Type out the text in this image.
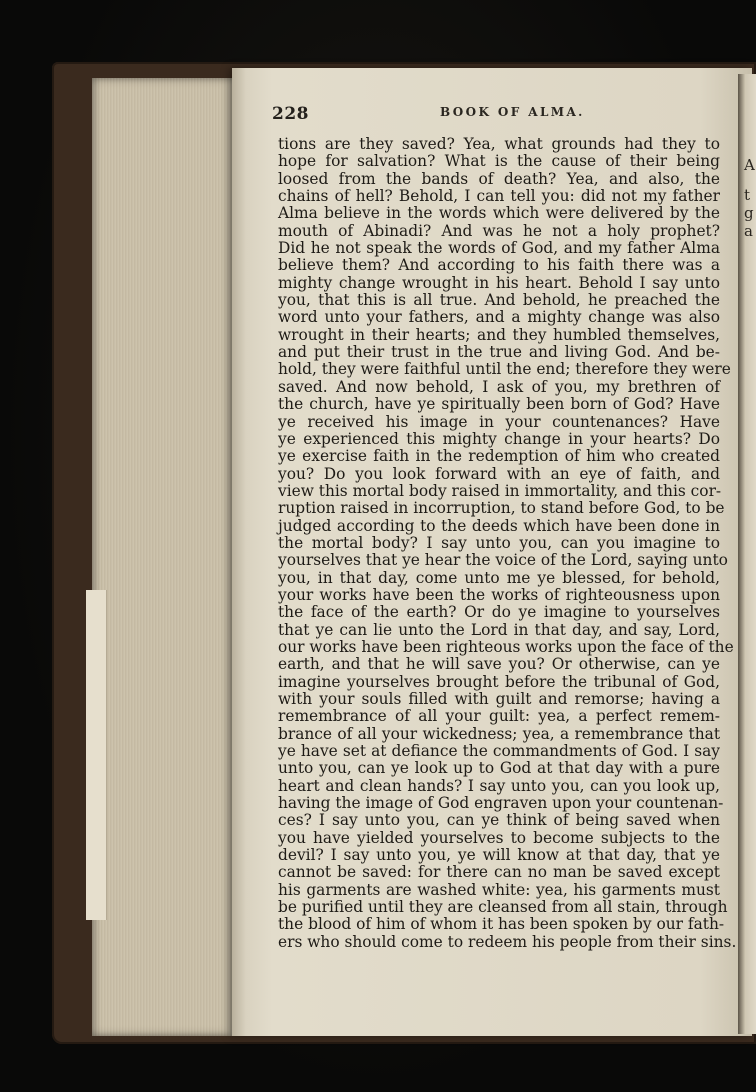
A
t
g
a
228	BOOK OF ALMA.
tions are they saved? Yea, what grounds had they to
hope for salvation? What is the cause of their being
loosed from the bands of death? Yea, and also, the
chains of hell? Behold, I can tell you: did not my father
Alma believe in the words which were delivered by the
mouth of Abinadi? And was he not a holy prophet?
Did he not speak the words of God, and my father Alma
believe them? And according to his faith there was a
mighty change wrought in his heart. Behold I say unto
you, that this is all true. And behold, he preached the
word unto your fathers, and a mighty change was also
wrought in their hearts; and they humbled themselves,
and put their trust in the true and living God. And be-
hold, they were faithful until the end; therefore they were
saved. And now behold, I ask of you, my brethren of
the church, have ye spiritually been born of God? Have
ye received his image in your countenances? Have
ye experienced this mighty change in your hearts? Do
ye exercise faith in the redemption of him who created
you? Do you look forward with an eye of faith, and
view this mortal body raised in immortality, and this cor-
ruption raised in incorruption, to stand before God, to be
judged according to the deeds which have been done in
the mortal body? I say unto you, can you imagine to
yourselves that ye hear the voice of the Lord, saying unto
you, in that day, come unto me ye blessed, for behold,
your works have been the works of righteousness upon
the face of the earth? Or do ye imagine to yourselves
that ye can lie unto the Lord in that day, and say, Lord,
our works have been righteous works upon the face of the
earth, and that he will save you? Or otherwise, can ye
imagine yourselves brought before the tribunal of God,
with your souls filled with guilt and remorse; having a
remembrance of all your guilt: yea, a perfect remem-
brance of all your wickedness; yea, a remembrance that
ye have set at defiance the commandments of God. I say
unto you, can ye look up to God at that day with a pure
heart and clean hands? I say unto you, can you look up,
having the image of God engraven upon your countenan-
ces? I say unto you, can ye think of being saved when
you have yielded yourselves to become subjects to the
devil? I say unto you, ye will know at that day, that ye
cannot be saved: for there can no man be saved except
his garments are washed white: yea, his garments must
be purified until they are cleansed from all stain, through
the blood of him of whom it has been spoken by our fath-
ers who should come to redeem his people from their sins.
